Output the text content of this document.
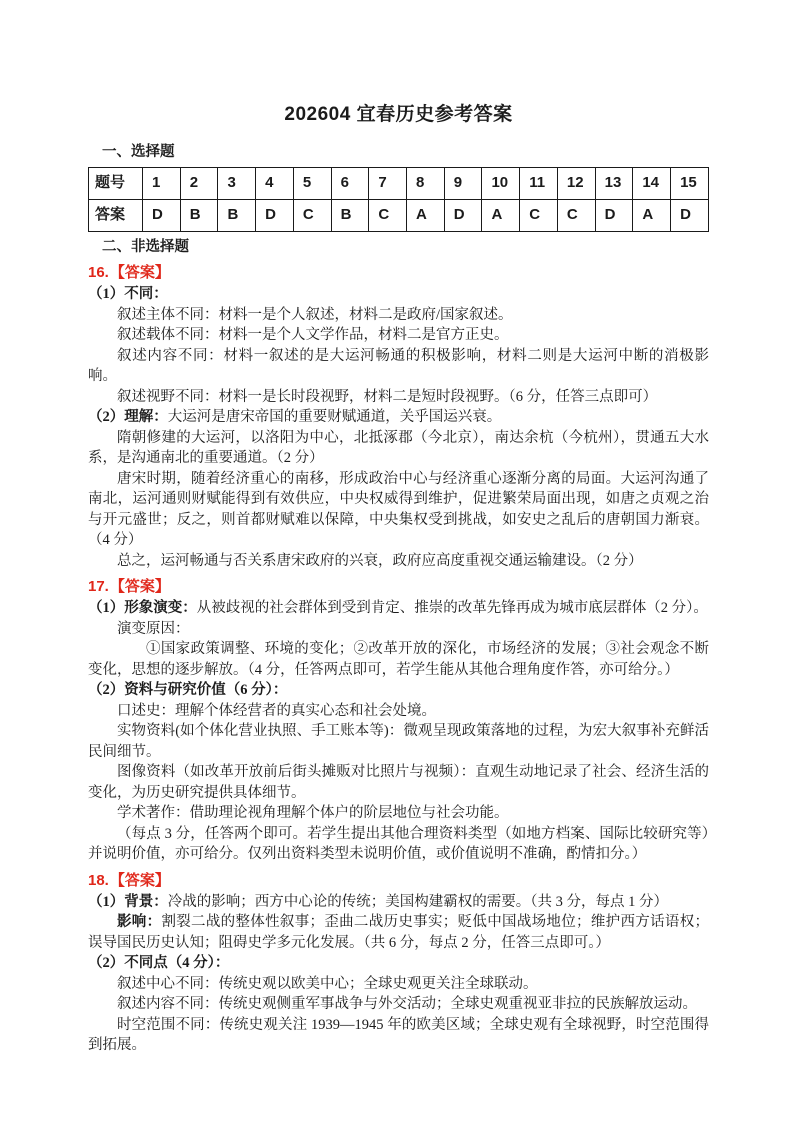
202604 宜春历史参考答案
一、选择题
题号	1	2	3	4	5	6	7	8	9	10	11	12	13	14	15
答案	D	B	B	D	C	B	C	A	D	A	C	C	D	A	D
二、非选择题
16.【答案】

（1）不同：

叙述主体不同：材料一是个人叙述，材料二是政府/国家叙述。

叙述载体不同：材料一是个人文学作品，材料二是官方正史。

叙述内容不同：材料一叙述的是大运河畅通的积极影响，材料二则是大运河中断的消极影响。

叙述视野不同：材料一是长时段视野，材料二是短时段视野。（6 分，任答三点即可）

（2）理解：大运河是唐宋帝国的重要财赋通道，关乎国运兴衰。

隋朝修建的大运河，以洛阳为中心，北抵涿郡（今北京），南达余杭（今杭州），贯通五大水系，是沟通南北的重要通道。（2 分）

唐宋时期，随着经济重心的南移，形成政治中心与经济重心逐渐分离的局面。大运河沟通了南北，运河通则财赋能得到有效供应，中央权威得到维护，促进繁荣局面出现，如唐之贞观之治与开元盛世；反之，则首都财赋难以保障，中央集权受到挑战，如安史之乱后的唐朝国力渐衰。（4 分）

总之，运河畅通与否关系唐宋政府的兴衰，政府应高度重视交通运输建设。（2 分）

17.【答案】

（1）形象演变：从被歧视的社会群体到受到肯定、推崇的改革先锋再成为城市底层群体（2 分）。

演变原因：

①国家政策调整、环境的变化；②改革开放的深化，市场经济的发展；③社会观念不断变化，思想的逐步解放。（4 分，任答两点即可，若学生能从其他合理角度作答，亦可给分。）

（2）资料与研究价值（6 分）：

口述史：理解个体经营者的真实心态和社会处境。

实物资料(如个体化营业执照、手工账本等)：微观呈现政策落地的过程，为宏大叙事补充鲜活民间细节。

图像资料（如改革开放前后街头摊贩对比照片与视频）：直观生动地记录了社会、经济生活的变化，为历史研究提供具体细节。

学术著作：借助理论视角理解个体户的阶层地位与社会功能。

（每点 3 分，任答两个即可。若学生提出其他合理资料类型（如地方档案、国际比较研究等）并说明价值，亦可给分。仅列出资料类型未说明价值，或价值说明不准确，酌情扣分。）

18.【答案】

（1）背景：冷战的影响；西方中心论的传统；美国构建霸权的需要。（共 3 分，每点 1 分）

影响：割裂二战的整体性叙事；歪曲二战历史事实；贬低中国战场地位；维护西方话语权；误导国民历史认知；阻碍史学多元化发展。（共 6 分，每点 2 分，任答三点即可。）

（2）不同点（4 分）：

叙述中心不同：传统史观以欧美中心；全球史观更关注全球联动。

叙述内容不同：传统史观侧重军事战争与外交活动；全球史观重视亚非拉的民族解放运动。

时空范围不同：传统史观关注 1939—1945 年的欧美区域；全球史观有全球视野，时空范围得到拓展。
